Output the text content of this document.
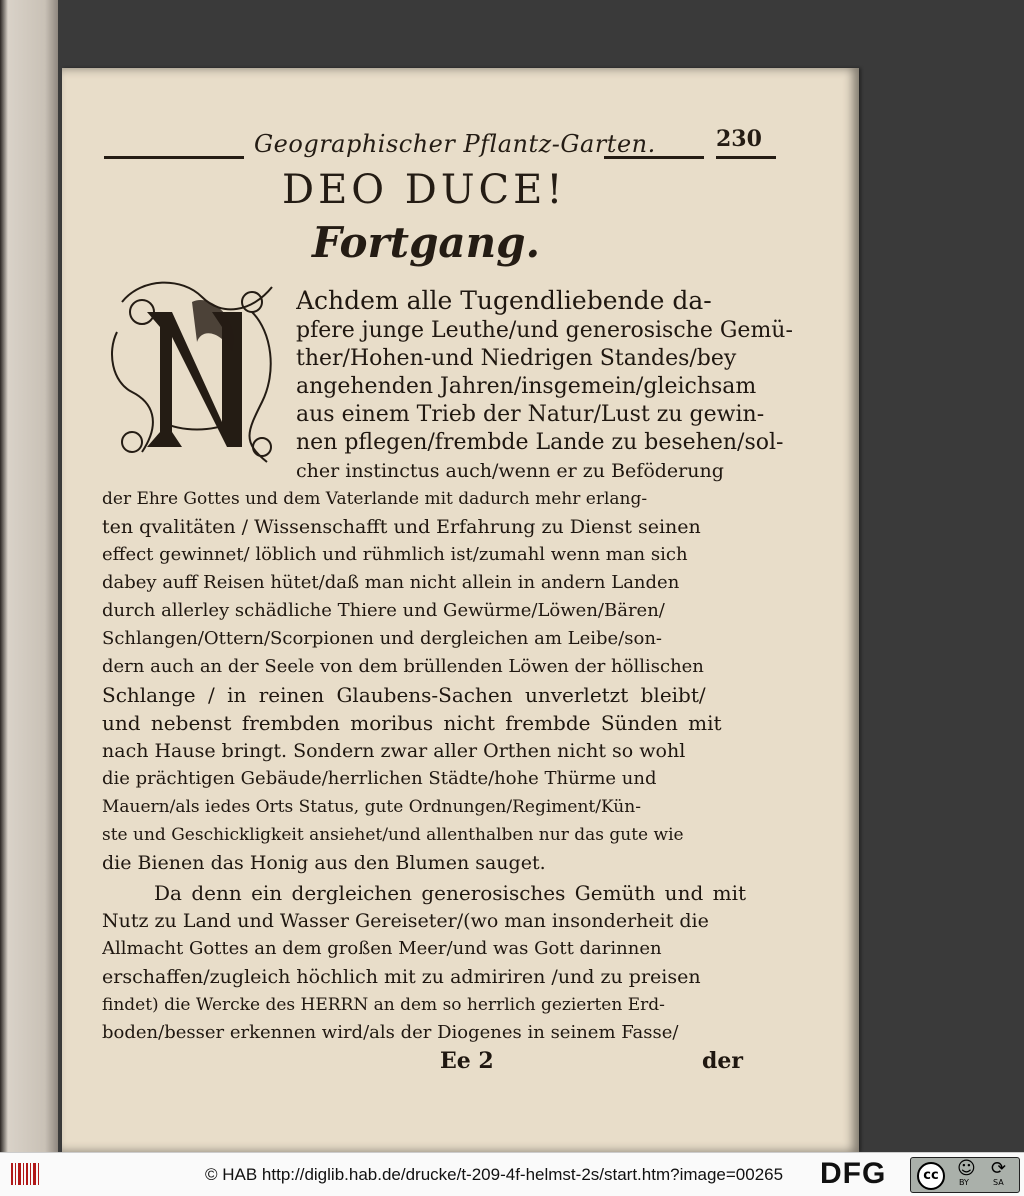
Geographischer Pflantz-Garten.	230
DEO DUCE!
Fortgang.
Achdem alle Tugendliebende da-
pfere junge Leuthe/und generosische Gemü-
ther/Hohen-und Niedrigen Standes/bey
angehenden Jahren/insgemein/gleichsam
aus einem Trieb der Natur/Lust zu gewin-
nen pflegen/frembde Lande zu besehen/sol-
cher instinctus auch/wenn er zu Beföderung
der Ehre Gottes und dem Vaterlande mit dadurch mehr erlang-
ten qvalitäten / Wissenschafft und Erfahrung zu Dienst seinen
effect gewinnet/ löblich und rühmlich ist/zumahl wenn man sich
dabey auff Reisen hütet/daß man nicht allein in andern Landen
durch allerley schädliche Thiere und Gewürme/Löwen/Bären/
Schlangen/Ottern/Scorpionen und dergleichen am Leibe/son-
dern auch an der Seele von dem brüllenden Löwen der höllischen
Schlange / in reinen Glaubens-Sachen unverletzt bleibt/
und nebenst frembden moribus nicht frembde Sünden mit
nach Hause bringt. Sondern zwar aller Orthen nicht so wohl
die prächtigen Gebäude/herrlichen Städte/hohe Thürme und
Mauern/als iedes Orts Status, gute Ordnungen/Regiment/Kün-
ste und Geschickligkeit ansiehet/und allenthalben nur das gute wie
die Bienen das Honig aus den Blumen sauget.
Da denn ein dergleichen generosisches Gemüth und mit
Nutz zu Land und Wasser Gereiseter/(wo man insonderheit die
Allmacht Gottes an dem großen Meer/und was Gott darinnen
erschaffen/zugleich höchlich mit zu admiriren /und zu preisen
findet) die Wercke des HERRN an dem so herrlich gezierten Erd-
boden/besser erkennen wird/als der Diogenes in seinem Fasse/
Ee 2	der
© HAB http://diglib.hab.de/drucke/t-209-4f-helmst-2s/start.htm?image=00265 DFG	cc	☺
BY
⟳
SA
